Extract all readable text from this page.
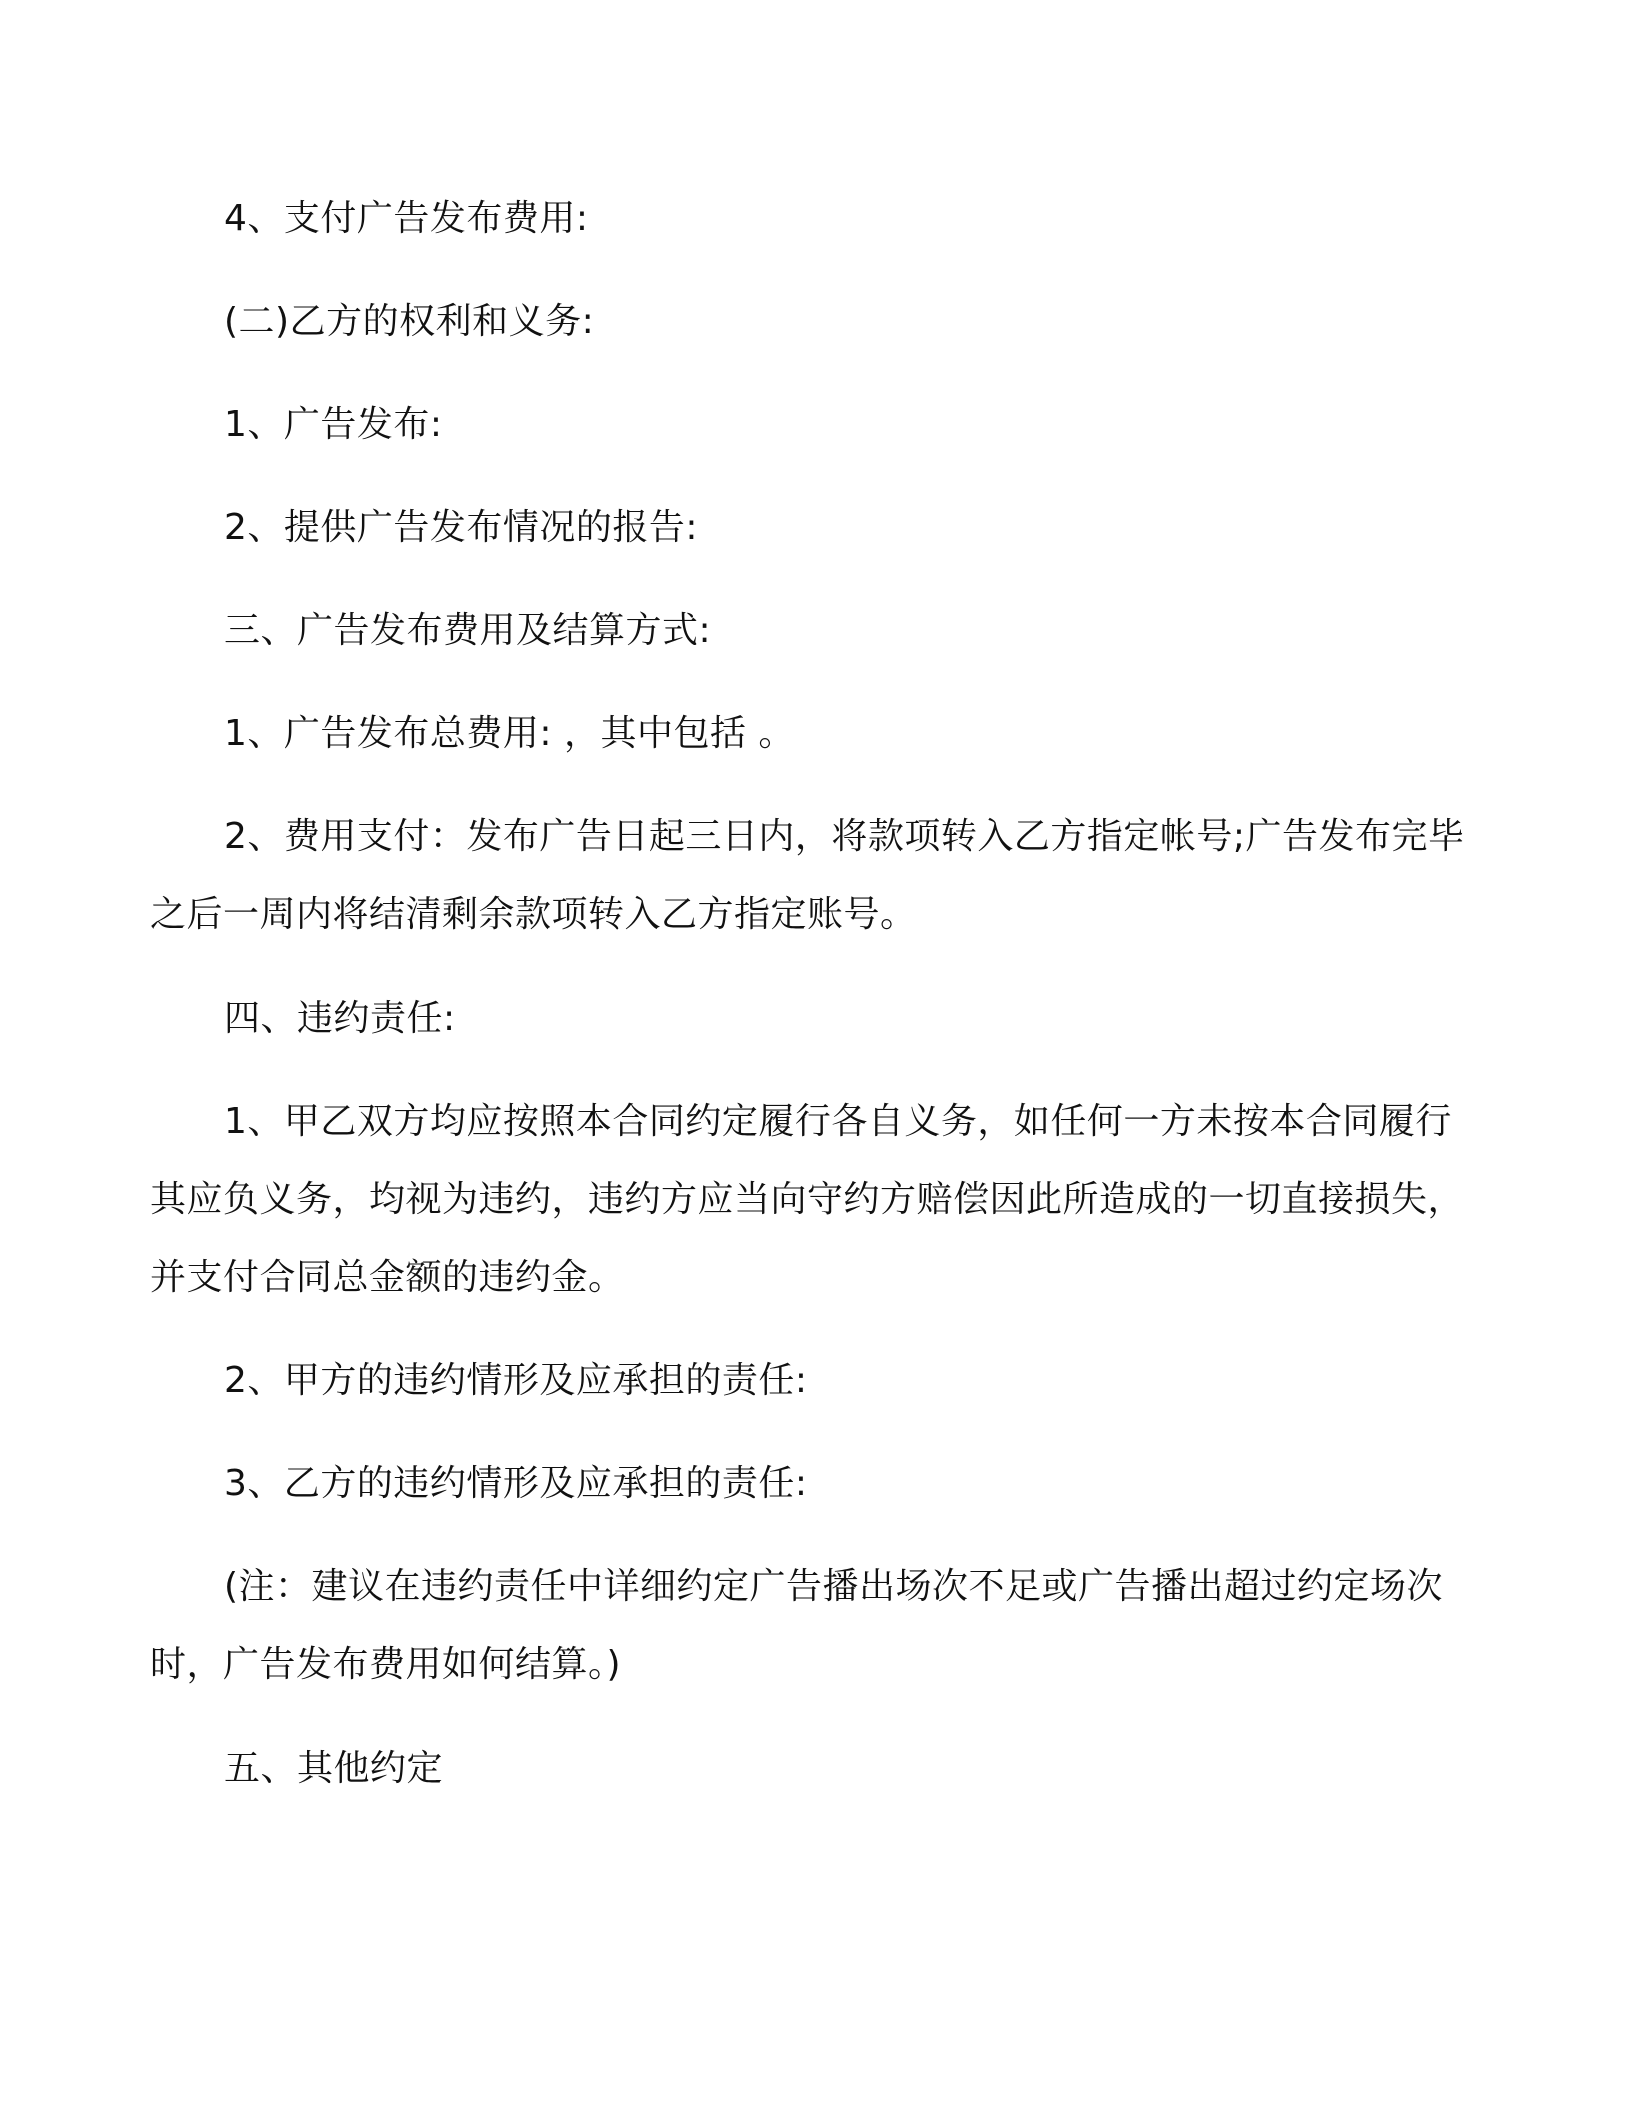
4、支付广告发布费用:

(二)乙方的权利和义务:

1、广告发布:

2、提供广告发布情况的报告:

三、广告发布费用及结算方式:

1、广告发布总费用: ，其中包括 。

2、费用支付：发布广告日起三日内，将款项转入乙方指定帐号;广告发布完毕之后一周内将结清剩余款项转入乙方指定账号。

四、违约责任:

1、甲乙双方均应按照本合同约定履行各自义务，如任何一方未按本合同履行其应负义务，均视为违约，违约方应当向守约方赔偿因此所造成的一切直接损失，并支付合同总金额的违约金。

2、甲方的违约情形及应承担的责任:

3、乙方的违约情形及应承担的责任:

(注：建议在违约责任中详细约定广告播出场次不足或广告播出超过约定场次时，广告发布费用如何结算。)

五、其他约定
